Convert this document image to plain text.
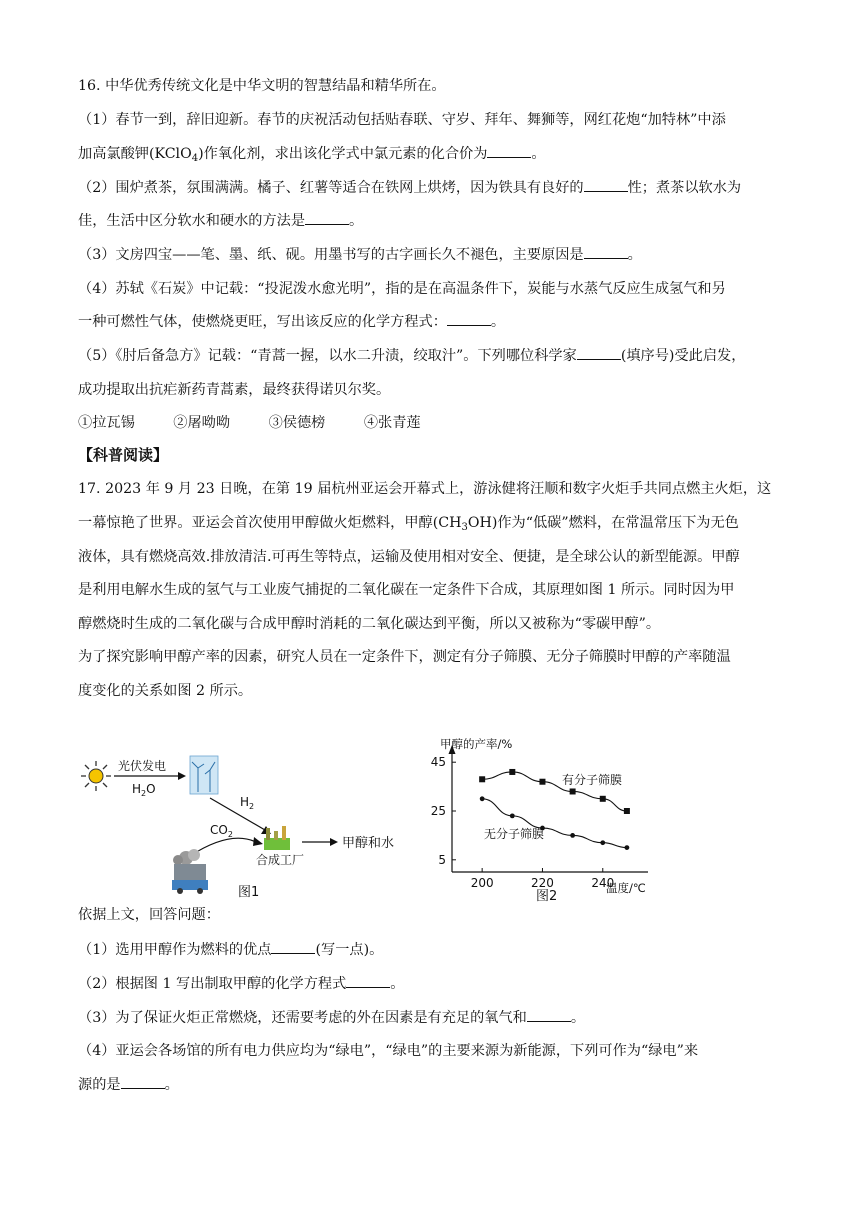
16. 中华优秀传统文化是中华文明的智慧结晶和精华所在。
（1）春节一到，辞旧迎新。春节的庆祝活动包括贴春联、守岁、拜年、舞狮等，网红花炮“加特林”中添
加高氯酸钾(KClO$_4$)作氧化剂，求出该化学式中氯元素的化合价为	。
（2）围炉煮茶，氛围满满。橘子、红薯等适合在铁网上烘烤，因为铁具有良好的	性；煮茶以软水为
佳，生活中区分软水和硬水的方法是	。
（3）文房四宝——笔、墨、纸、砚。用墨书写的古字画长久不褪色，主要原因是	。
（4）苏轼《石炭》中记载：“投泥泼水愈光明”，指的是在高温条件下，炭能与水蒸气反应生成氢气和另
一种可燃性气体，使燃烧更旺，写出该反应的化学方程式：	。
（5）《肘后备急方》记载：“青蒿一握，以水二升渍，绞取汁”。下列哪位科学家	(填序号)受此启发，
成功提取出抗疟新药青蒿素，最终获得诺贝尔奖。
①拉瓦锡	②屠呦呦	③侯德榜	④张青莲
【科普阅读】
17. 2023 年 9 月 23 日晚，在第 19 届杭州亚运会开幕式上，游泳健将汪顺和数字火炬手共同点燃主火炬，这
一幕惊艳了世界。亚运会首次使用甲醇做火炬燃料，甲醇$(CH_3OH)$作为“低碳”燃料，在常温常压下为无色
液体，具有燃烧高效.排放清洁.可再生等特点，运输及使用相对安全、便捷，是全球公认的新型能源。甲醇
是利用电解水生成的氢气与工业废气捕捉的二氧化碳在一定条件下合成，其原理如图 1 所示。同时因为甲
醇燃烧时生成的二氧化碳与合成甲醇时消耗的二氧化碳达到平衡，所以又被称为“零碳甲醇”。
为了探究影响甲醇产率的因素，研究人员在一定条件下，测定有分子筛膜、无分子筛膜时甲醇的产率随温
度变化的关系如图 2 所示。
光伏发电
$H_2O$
$H_2$
$CO_2$
甲醇和水
合成工厂
图1
200	220	240
5
25
45
甲醇的产率/%
温度/℃
有分子筛膜
无分子筛膜
图2
依据上文，回答问题：
（1）选用甲醇作为燃料的优点	(写一点)。
（2）根据图 1 写出制取甲醇的化学方程式	。
（3）为了保证火炬正常燃烧，还需要考虑的外在因素是有充足的氧气和	。
（4）亚运会各场馆的所有电力供应均为“绿电”，“绿电”的主要来源为新能源，下列可作为“绿电”来
源的是	。
